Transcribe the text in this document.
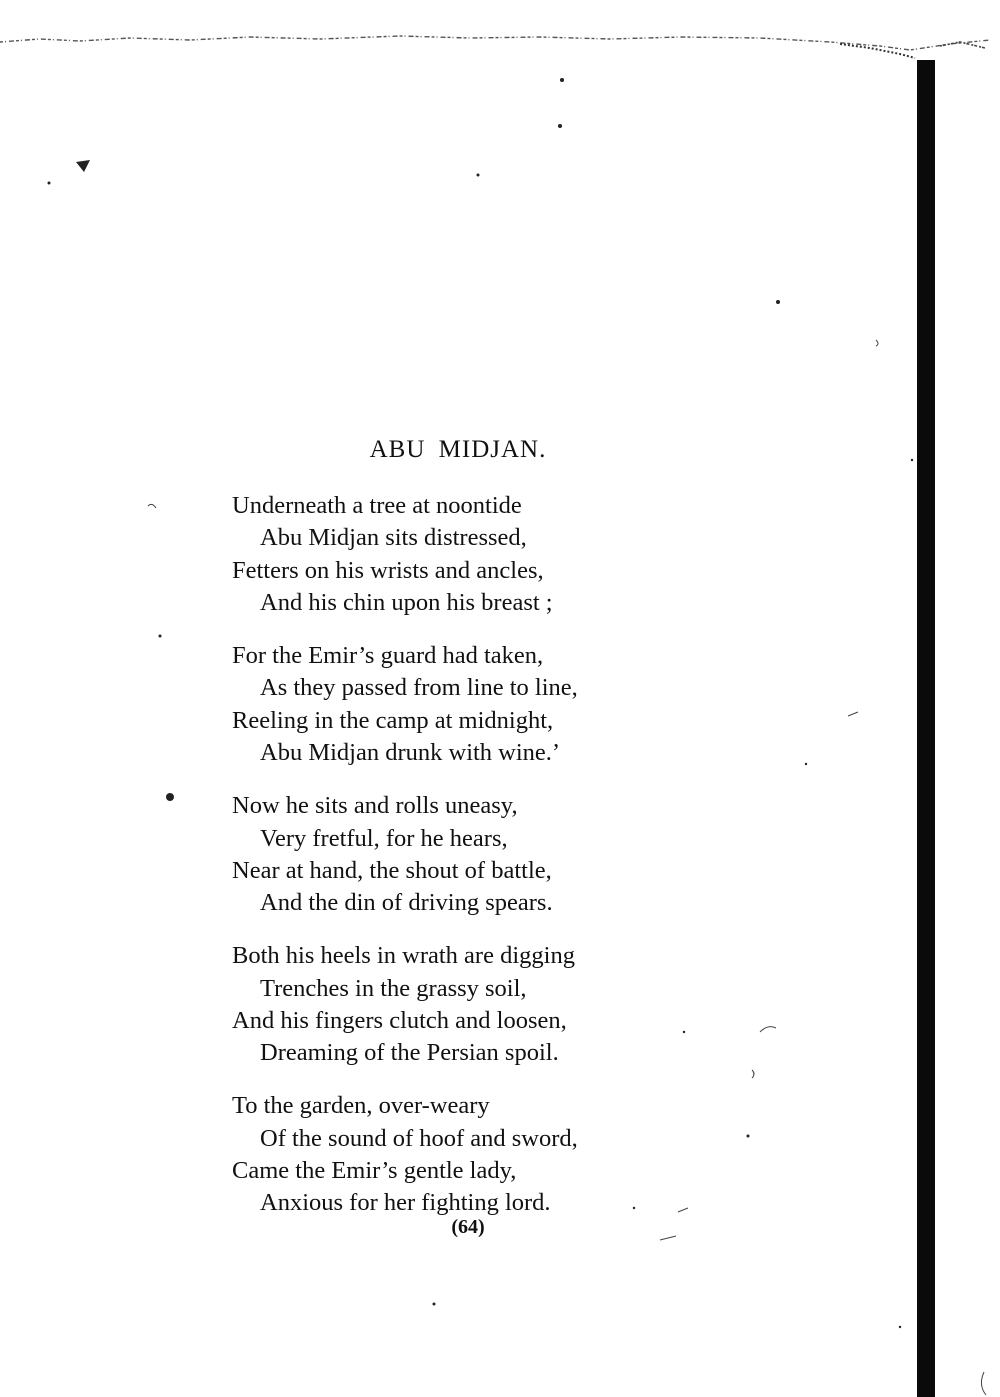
ABU MIDJAN.
Underneath a tree at noontide
Abu Midjan sits distressed,
Fetters on his wrists and ancles,
And his chin upon his breast ;
For the Emir’s guard had taken,
As they passed from line to line,
Reeling in the camp at midnight,
Abu Midjan drunk with wine.’
Now he sits and rolls uneasy,
Very fretful, for he hears,
Near at hand, the shout of battle,
And the din of driving spears.
Both his heels in wrath are digging
Trenches in the grassy soil,
And his fingers clutch and loosen,
Dreaming of the Persian spoil.
To the garden, over-weary
Of the sound of hoof and sword,
Came the Emir’s gentle lady,
Anxious for her fighting lord.
(64)
